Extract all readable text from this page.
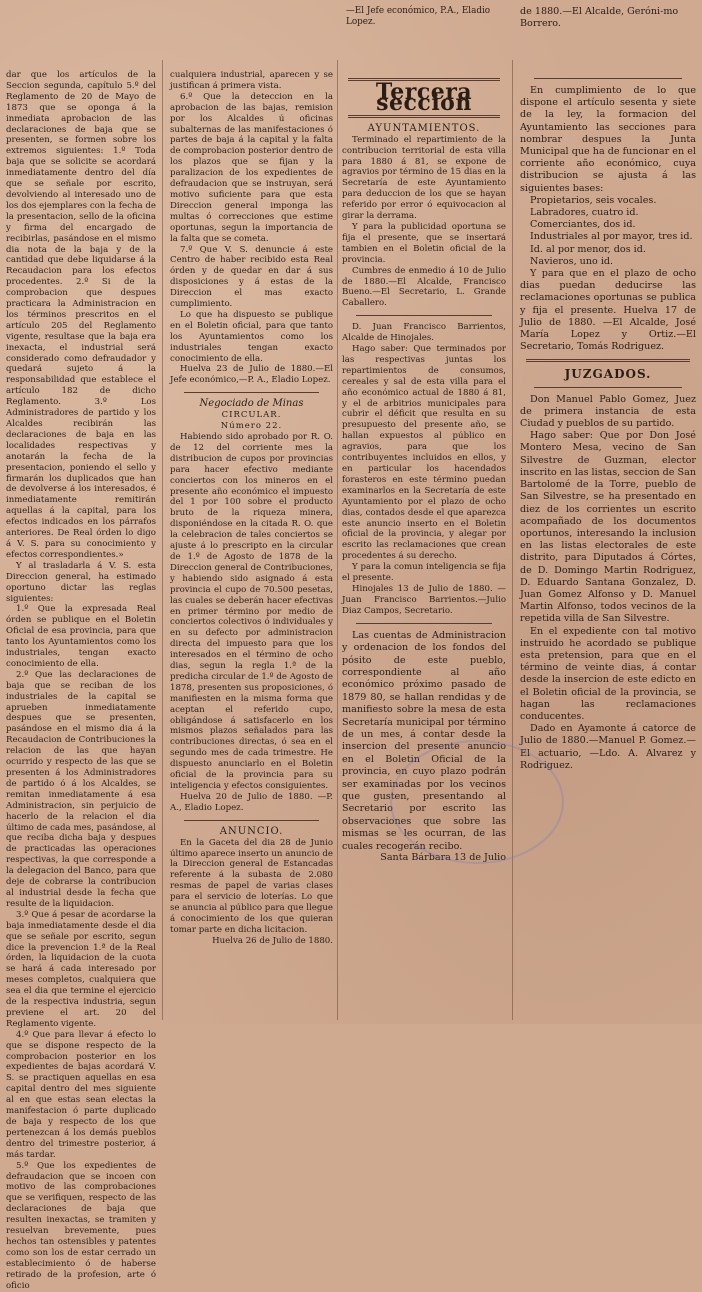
—El Jefe económico, P.A., Eladio Lopez.
de 1880.—El Alcalde, Geróni-mo Borrero.

dar que los artículos de la Seccion segunda, capítulo 5.º del Reglamento de 20 de Mayo de 1873 que se oponga á la inmediata aprobacion de las declaraciones de baja que se presenten, se formen sobre los extremos siguientes: 1.º Toda baja que se solicite se acordará inmediatamente dentro del día que se señale por escrito, devolviendo al interesado uno de los dos ejemplares con la fecha de la presentacion, sello de la oficina y firma del encargado de recibirlas, pasándose en el mismo dia nota de la baja y de la cantidad que debe liquidarse á la Recaudacion para los efectos procedentes. 2.º Si de la comprobacion que despues practicara la Administracion en los términos prescritos en el artículo 205 del Reglamento vigente, resultase que la baja era inexacta, el industrial será considerado como defraudador y quedará sujeto á la responsabilidad que establece el artículo 182 de dicho Reglamento. 3.º Los Administradores de partido y los Alcaldes recibirán las declaraciones de baja en las localidades respectivas y anotarán la fecha de la presentacion, poniendo el sello y firmarán los duplicados que han de devolverse á los interesados, é inmediatamente remitirán aquellas á la capital, para los efectos indicados en los párrafos anteriores. De Real órden lo digo á V. S. para su conocimiento y efectos correspondientes.»

Y al trasladarla á V. S. esta Direccion general, ha estimado oportuno dictar las reglas siguientes:

1.º Que la expresada Real órden se publique en el Boletin Oficial de esa provincia, para que tanto los Ayuntamientos como los industriales, tengan exacto conocimiento de ella.

2.º Que las declaraciones de baja que se reciban de los industriales de la capital se aprueben inmediatamente despues que se presenten, pasándose en el mismo dia á la Recaudacion de Contribuciones la relacion de las que hayan ocurrido y respecto de las que se presenten á los Administradores de partido ó á los Alcaldes, se remitan inmediatamente á esa Administracion, sin perjuicio de hacerlo de la relacion el dia último de cada mes, pasándose, al que reciba dicha baja y despues de practicadas las operaciones respectivas, la que corresponde a la delegacion del Banco, para que deje de cobrarse la contribucion al industrial desde la fecha que resulte de la liquidacion.

3.º Que á pesar de acordarse la baja inmediatamente desde el dia que se señale por escrito, segun dice la prevencion 1.ª de la Real órden, la liquidacion de la cuota se hará á cada interesado por meses completos, cualquiera que sea el dia que termine el ejercicio de la respectiva industria, segun previene el art. 20 del Reglamento vigente.

4.º Que para llevar á efecto lo que se dispone respecto de la comprobacion posterior en los expedientes de bajas acordará V. S. se practiquen aquellas en esa capital dentro del mes siguiente al en que estas sean electas la manifestacion ó parte duplicado de baja y respecto de los que pertenezcan á los demás pueblos dentro del trimestre posterior, á más tardar.

5.º Que los expedientes de defraudacion que se incoen con motivo de las comprobaciones que se verifiquen, respecto de las declaraciones de baja que resulten inexactas, se tramiten y resuelvan brevemente, pues hechos tan ostensibles y patentes como son los de estar cerrado un establecimiento ó de haberse retirado de la profesion, arte ó oficio

cualquiera industrial, aparecen y se justifican á primera vista.

6.º Que la deteccion en la aprobacion de las bajas, remision por los Alcaldes ú oficinas subalternas de las manifestaciones ó partes de baja á la capital y la falta de comprobacion posterior dentro de los plazos que se fijan y la paralizacion de los expedientes de defraudacion que se instruyan, será motivo suficiente para que esta Direccion general imponga las multas ó correcciones que estime oportunas, segun la importancia de la falta que se cometa.

7.º Que V. S. denuncie á este Centro de haber recibido esta Real órden y de quedar en dar á sus disposiciones y á estas de la Direccion el mas exacto cumplimiento.

Lo que ha dispuesto se publique en el Boletin oficial, para que tanto los Ayuntamientos como los industriales tengan exacto conocimiento de ella.

Huelva 23 de Julio de 1880.—El Jefe económico,—P. A., Eladio Lopez.

Negociado de Minas

CIRCULAR.

Número 22.

Habiendo sido aprobado por R. O. de 12 del corriente mes la distribucion de cupos por provincias para hacer efectivo mediante conciertos con los mineros en el presente año económico el impuesto del 1 por 100 sobre el producto bruto de la riqueza minera, disponiéndose en la citada R. O. que la celebracion de tales conciertos se ajuste á lo prescripto en la circular de 1.º de Agosto de 1878 de la Direccion general de Contribuciones, y habiendo sido asignado á esta provincia el cupo de 70.500 pesetas, las cuales se deberán hacer efectivas en primer término por medio de conciertos colectivos ó individuales y en su defecto por administracion directa del impuesto para que los interesados en el término de ocho dias, segun la regla 1.ª de la predicha circular de 1.º de Agosto de 1878, presenten sus proposiciones, ó manifiesten en la misma forma que aceptan el referido cupo, obligándose á satisfacerlo en los mismos plazos señalados para las contribuciones directas, ó sea en el segundo mes de cada trimestre. He dispuesto anunciarlo en el Boletin oficial de la provincia para su inteligencia y efectos consiguientes.

Huelva 20 de Julio de 1880. —P. A., Eladio Lopez.

ANUNCIO.

En la Gaceta del dia 28 de Junio último aparece inserto un anuncio de la Direccion general de Estancadas referente á la subasta de 2.080 resmas de papel de varias clases para el servicio de loterías. Lo que se anuncia al público para que llegue á conocimiento de los que quieran tomar parte en dicha licitacion.

Huelva 26 de Julio de 1880.

Tercera seccion

AYUNTAMIENTOS.

Terminado el repartimiento de la contribucion territorial de esta villa para 1880 á 81, se expone de agravios por término de 15 dias en la Secretaría de este Ayuntamiento para deduccion de los que se hayan referido por error ó equivocacion al girar la derrama.

Y para la publicidad oportuna se fija el presente, que se insertará tambien en el Boletin oficial de la provincia.

Cumbres de enmedio á 10 de Julio de 1880.—El Alcalde, Francisco Bueno.—El Secretario, L. Grande Caballero.

D. Juan Francisco Barrientos, Alcalde de Hinojales.

Hago saber: Que terminados por las respectivas juntas los repartimientos de consumos, cereales y sal de esta villa para el año económico actual de 1880 á 81, y el de arbitrios municipales para cubrir el déficit que resulta en su presupuesto del presente año, se hallan expuestos al público en agravios, para que los contribuyentes incluidos en ellos, y en particular los hacendados forasteros en este término puedan examinarlos en la Secretaría de este Ayuntamiento por el plazo de ocho dias, contados desde el que aparezca este anuncio inserto en el Boletin oficial de la provincia, y alegar por escrito las reclamaciones que crean procedentes á su derecho.

Y para la comun inteligencia se fija el presente.

Hinojales 13 de Julio de 1880. —Juan Francisco Barrientos.—Julio Diaz Campos, Secretario.

Las cuentas de Administracion y ordenacion de los fondos del pósito de este pueblo, correspondiente al año económico próximo pasado de 1879 80, se hallan rendidas y de manifiesto sobre la mesa de esta Secretaría municipal por término de un mes, á contar desde la insercion del presente anuncio en el Boletin Oficial de la provincia, en cuyo plazo podrán ser examinadas por los vecinos que gusten, presentando al Secretario por escrito las observaciones que sobre las mismas se les ocurran, de las cuales recogerán recibo.

Santa Bárbara 13 de Julio

En cumplimiento de lo que dispone el artículo sesenta y siete de la ley, la formacion del Ayuntamiento las secciones para nombrar despues la Junta Municipal que ha de funcionar en el corriente año económico, cuya distribucion se ajusta á las siguientes bases:

Propietarios, seis vocales.

Labradores, cuatro id.

Comerciantes, dos id.

Industriales al por mayor, tres id.

Id. al por menor, dos id.

Navieros, uno id.

Y para que en el plazo de ocho dias puedan deducirse las reclamaciones oportunas se publica y fija el presente. Huelva 17 de Julio de 1880. —El Alcalde, José María Lopez y Ortiz.—El Secretario, Tomás Rodriguez.

JUZGADOS.

Don Manuel Pablo Gomez, Juez de primera instancia de esta Ciudad y pueblos de su partido.

Hago saber: Que por Don José Montero Mesa, vecino de San Silvestre de Guzman, elector inscrito en las listas, seccion de San Bartolomé de la Torre, pueblo de San Silvestre, se ha presentado en diez de los corrientes un escrito acompañado de los documentos oportunos, interesando la inclusion en las listas electorales de este distrito, para Diputados á Córtes, de D. Domingo Martin Rodriguez, D. Eduardo Santana Gonzalez, D. Juan Gomez Alfonso y D. Manuel Martin Alfonso, todos vecinos de la repetida villa de San Silvestre.

En el expediente con tal motivo instruido he acordado se publique esta pretension, para que en el término de veinte dias, á contar desde la insercion de este edicto en el Boletin oficial de la provincia, se hagan las reclamaciones conducentes.

Dado en Ayamonte á catorce de Julio de 1880.—Manuel P. Gomez.—El actuario, —Ldo. A. Alvarez y Rodriguez.
